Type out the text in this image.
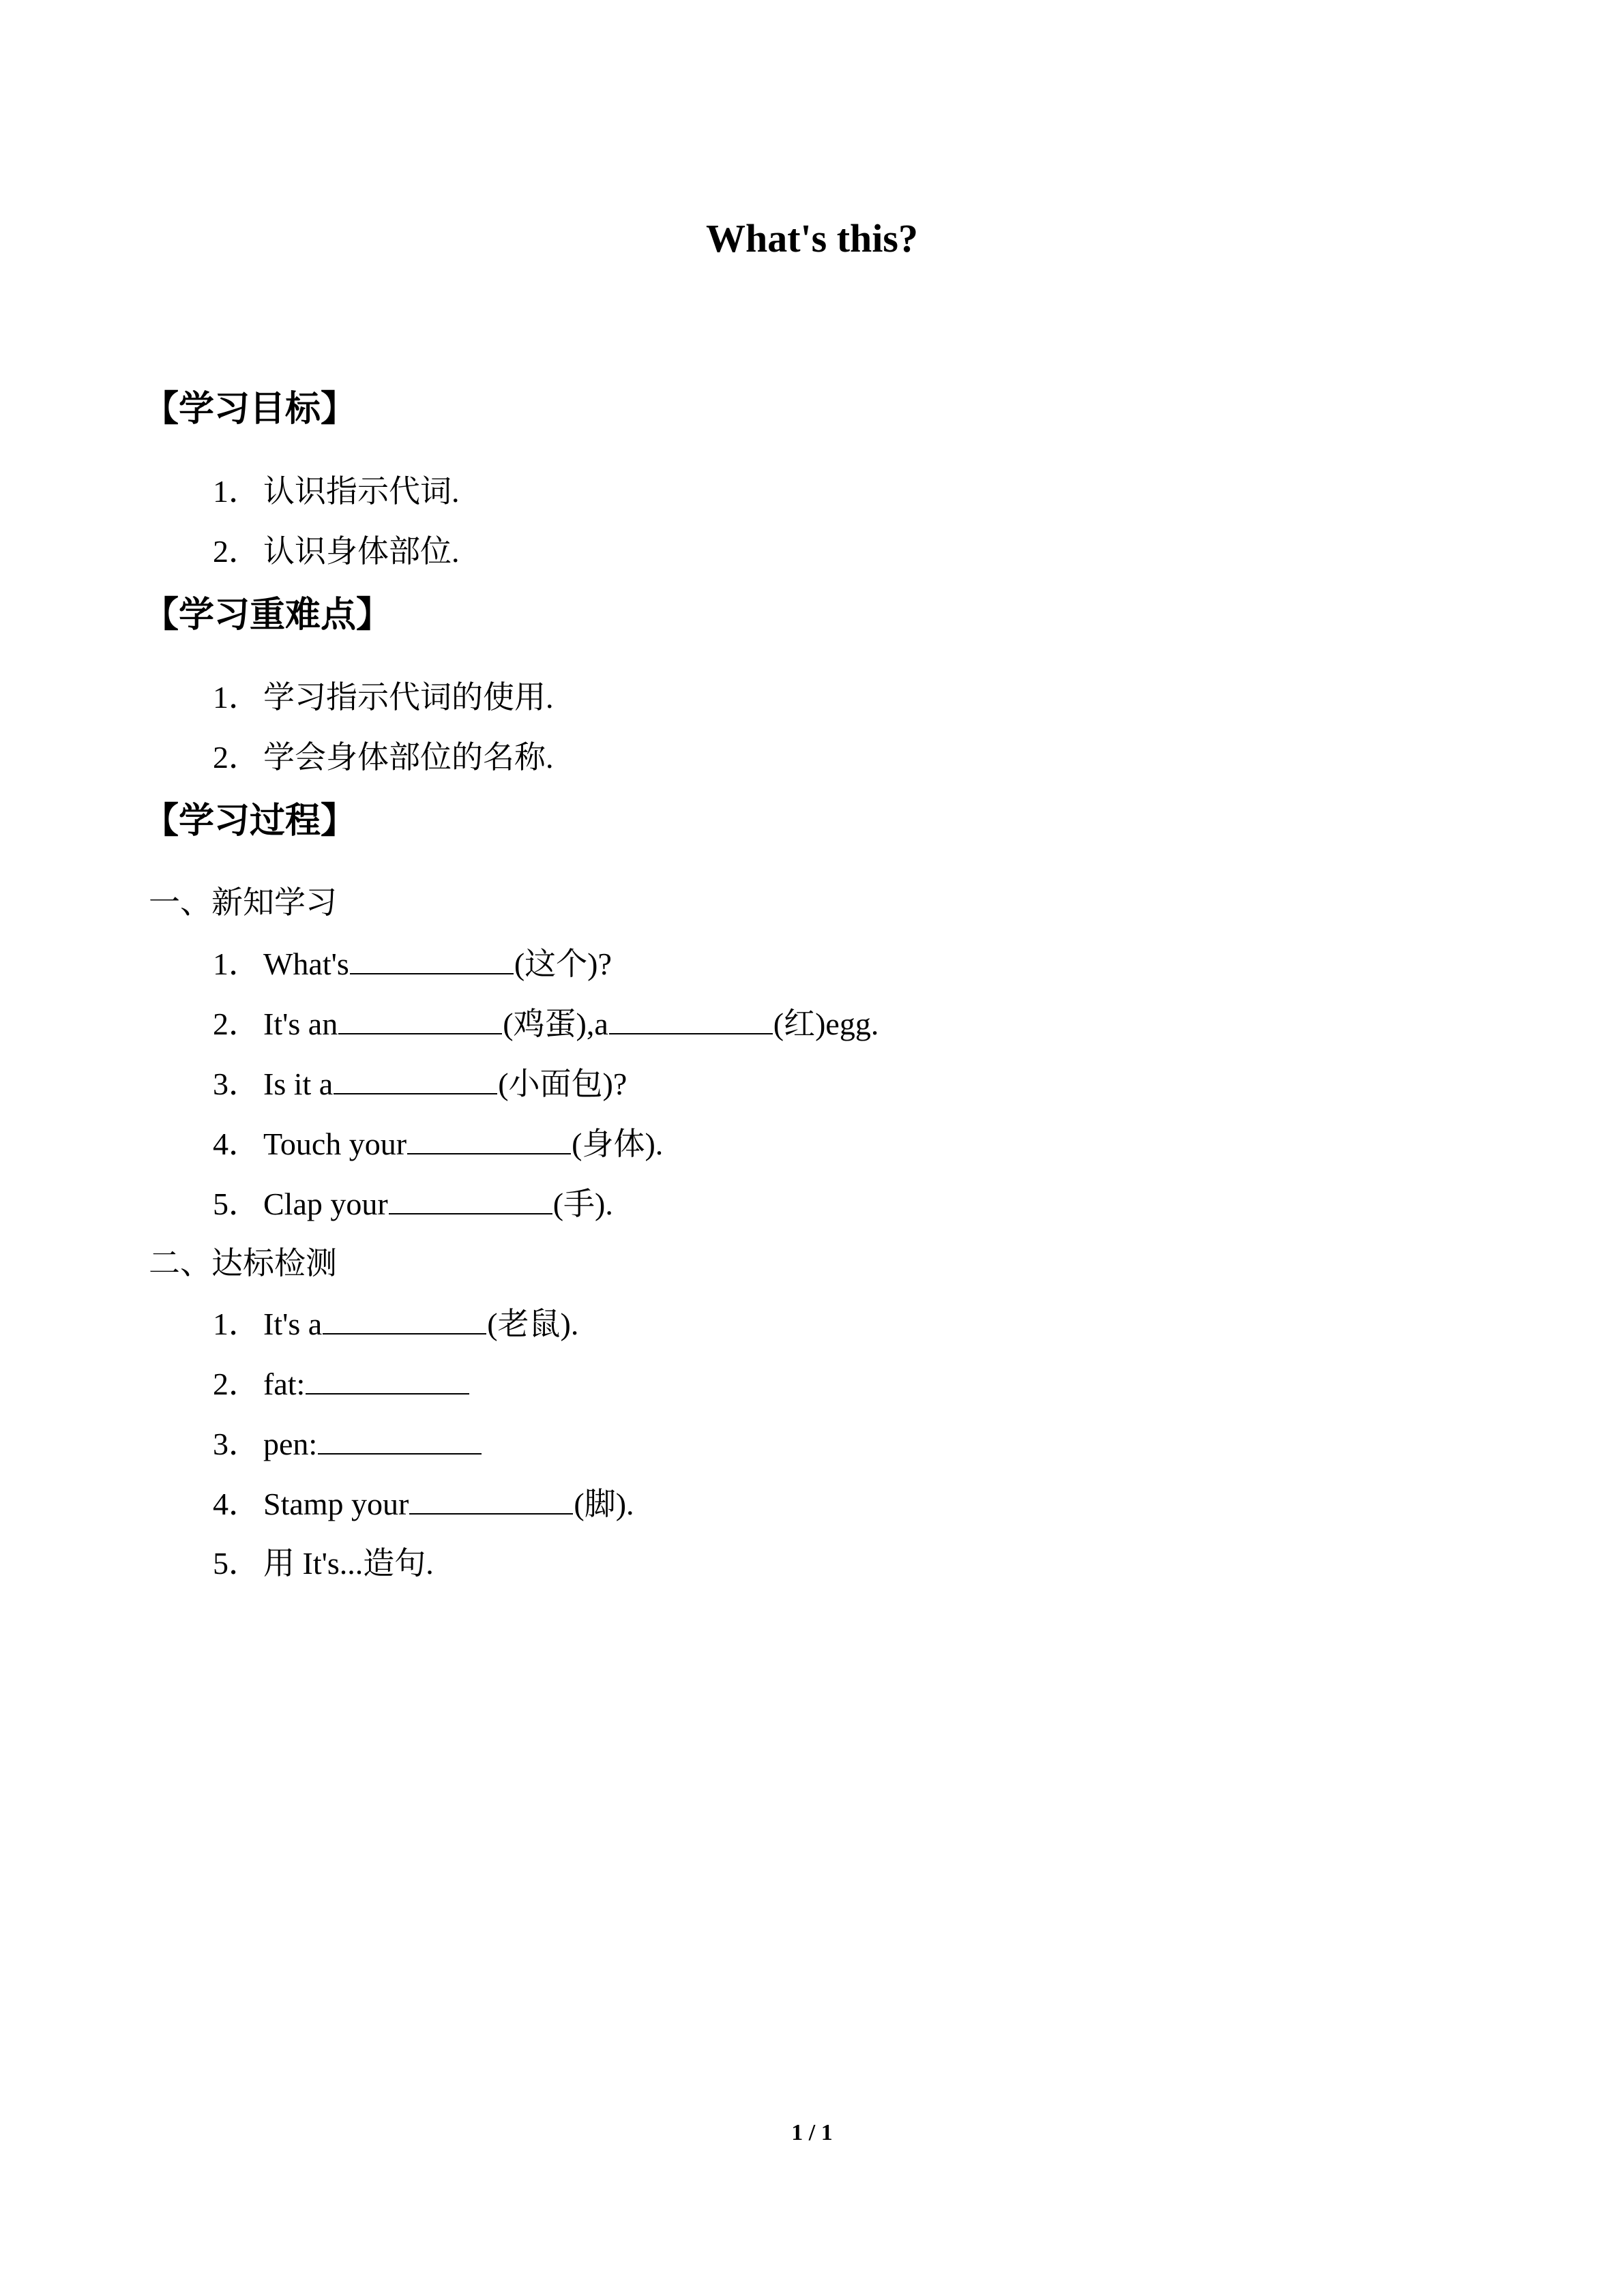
What's this?
【学习目标】
1． 认识指示代词.
2． 认识身体部位.
【学习重难点】
1． 学习指示代词的使用.
2． 学会身体部位的名称.
【学习过程】
一、新知学习
1． What's	(这个)?
2． It's an	(鸡蛋),a	(红)egg.
3． Is it a	(小面包)?
4． Touch your	(身体).
5． Clap your	(手).
二、达标检测
1． It's a	(老鼠).
2． fat:
3． pen:
4． Stamp your	(脚).
5． 用 It's...造句.
1 / 1
